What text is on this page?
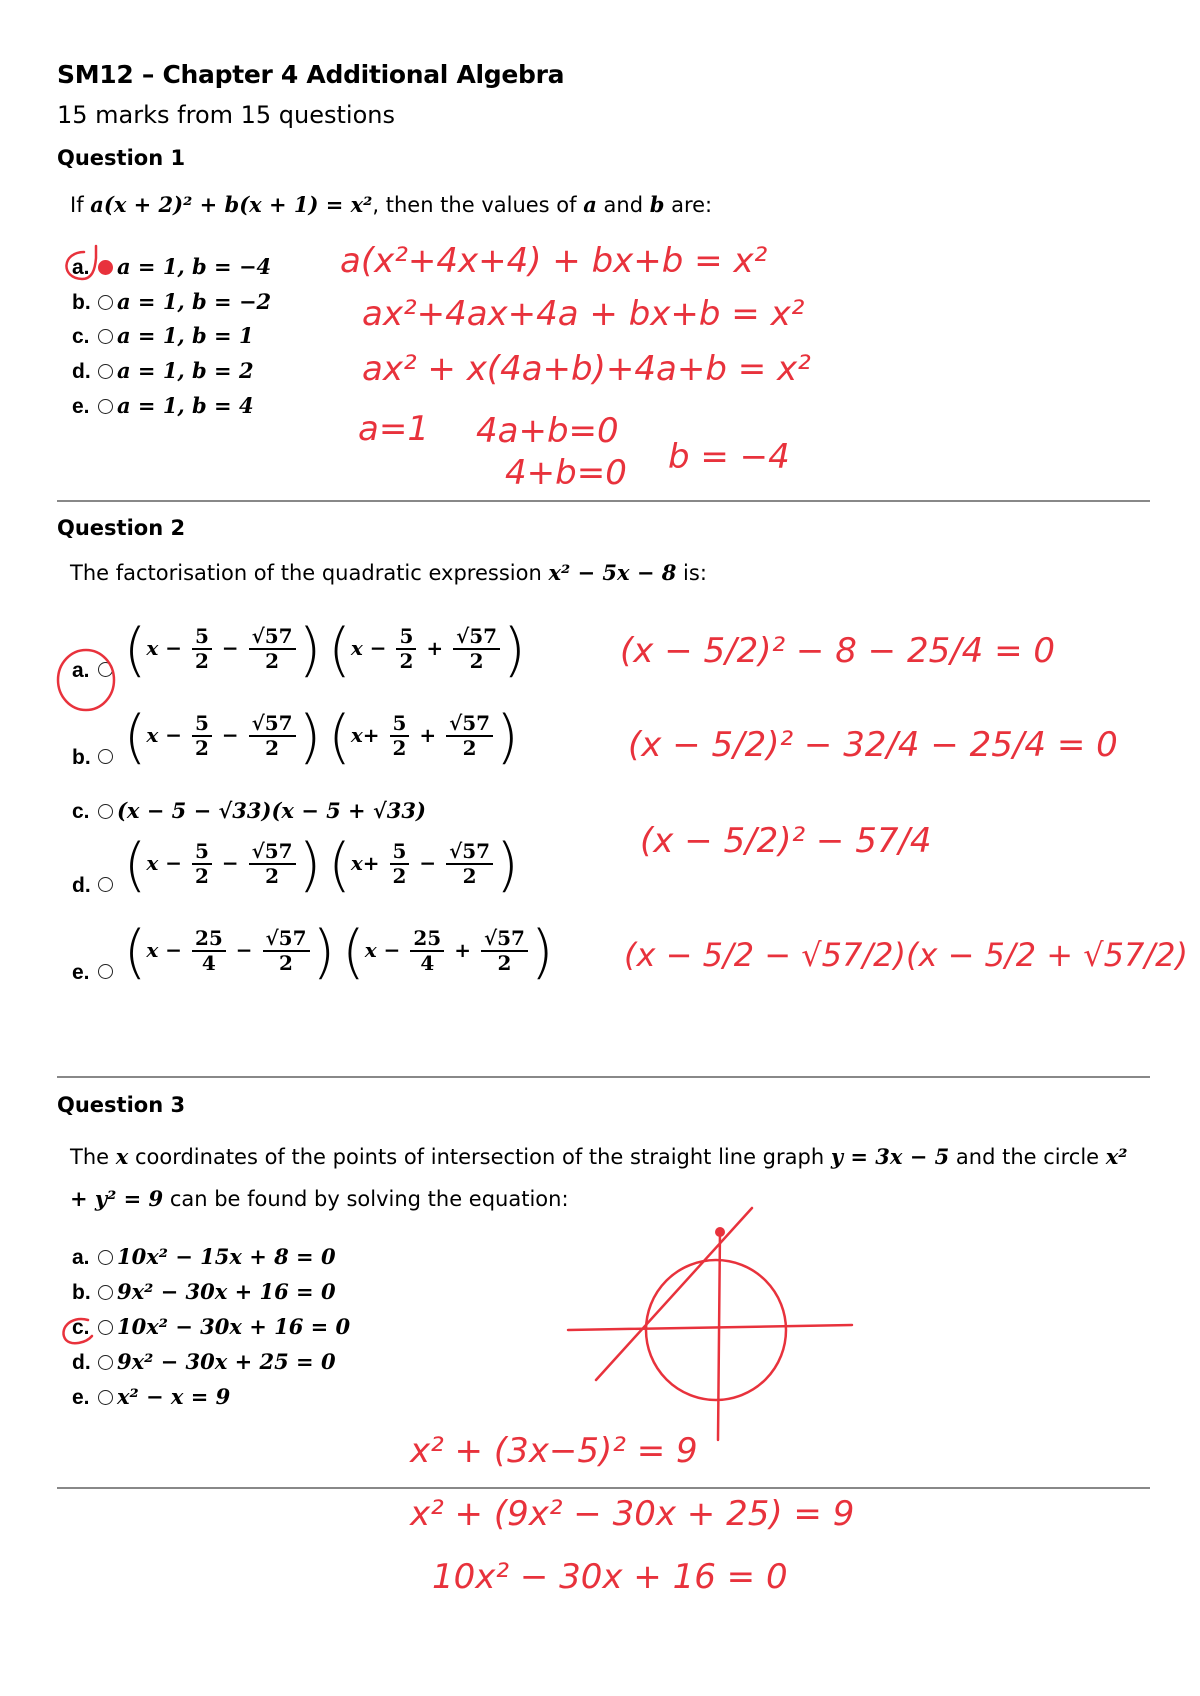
SM12 – Chapter 4 Additional Algebra
15 marks from 15 questions
Question 1
If a(x + 2)² + b(x + 1) = x², then the values of a and b are:
a. a = 1, b = −4
b. a = 1, b = −2
c. a = 1, b = 1
d. a = 1, b = 2
e. a = 1, b = 4
Question 2
The factorisation of the quadratic expression x² − 5x − 8 is:
a. ($x - \frac{5}{2} - \frac{√57}{2}$ ) ($x - \frac{5}{2} + \frac{√57}{2}$ )
b. ($x - \frac{5}{2} - \frac{√57}{2}$ ) ($x+ \frac{5}{2} + \frac{√57}{2}$ )
c. (x − 5 − √33)(x − 5 + √33)
d. ($x - \frac{5}{2} - \frac{√57}{2}$ ) ($x+ \frac{5}{2} - \frac{√57}{2}$ )
e. ($x - \frac{25}{4} - \frac{√57}{2}$ ) ($x - \frac{25}{4} + \frac{√57}{2}$ )
Question 3
The x coordinates of the points of intersection of the straight line graph y = 3x − 5 and the circle x² + y² = 9 can be found by solving the equation:
a. 10x² − 15x + 8 = 0
b. 9x² − 30x + 16 = 0
c. 10x² − 30x + 16 = 0
d. 9x² − 30x + 25 = 0
e. x² − x = 9
a(x²+4x+4) + bx+b = x²
ax²+4ax+4a + bx+b = x²
ax² + x(4a+b)+4a+b = x²
a=1 4a+b=0
4+b=0 b = −4
(x − 5/2)² − 8 − 25/4 = 0
(x − 5/2)² − 32/4 − 25/4 = 0
(x − 5/2)² − 57/4
(x − 5/2 − √57/2)(x − 5/2 + √57/2)
x² + (3x−5)² = 9
x² + (9x² − 30x + 25) = 9
10x² − 30x + 16 = 0
